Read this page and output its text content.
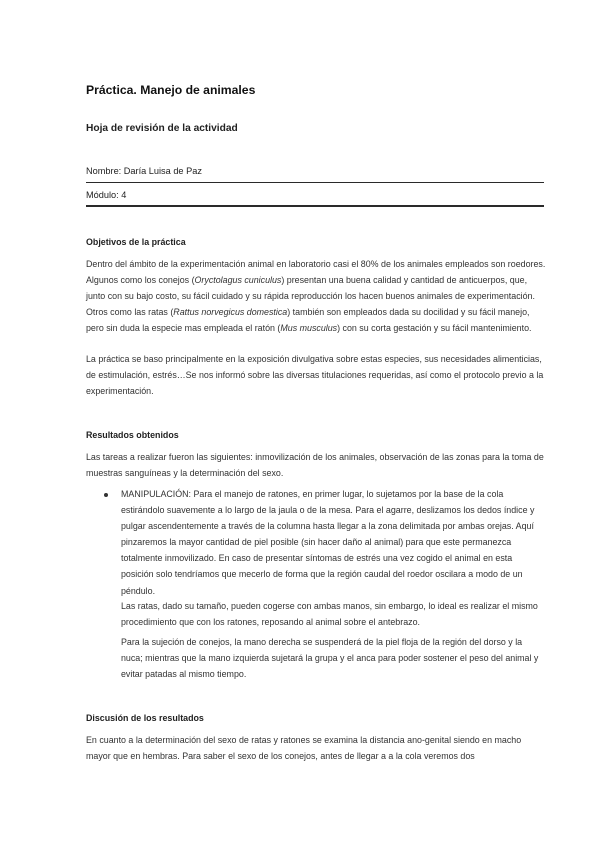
Práctica. Manejo de animales
Hoja de revisión de la actividad
Nombre: Daría Luisa de Paz
Módulo: 4
Objetivos de la práctica
Dentro del ámbito de la experimentación animal en laboratorio casi el 80% de los animales empleados son roedores. Algunos como los conejos (Oryctolagus cuniculus) presentan una buena calidad y cantidad de anticuerpos, que, junto con su bajo costo, su fácil cuidado y su rápida reproducción los hacen buenos animales de experimentación. Otros como las ratas (Rattus norvegicus domestica) también son empleados dada su docilidad y su fácil manejo, pero sin duda la especie mas empleada el ratón (Mus musculus) con su corta gestación y su fácil mantenimiento.
La práctica se baso principalmente en la exposición divulgativa sobre estas especies, sus necesidades alimenticias, de estimulación, estrés…Se nos informó sobre las diversas titulaciones requeridas, así como el protocolo previo a la experimentación.
Resultados obtenidos
Las tareas a realizar fueron las siguientes: inmovilización de los animales, observación de las zonas para la toma de muestras sanguíneas y la determinación del sexo.
MANIPULACIÓN: Para el manejo de ratones, en primer lugar, lo sujetamos por la base de la cola estirándolo suavemente a lo largo de la jaula o de la mesa. Para el agarre, deslizamos los dedos índice y pulgar ascendentemente a través de la columna hasta llegar a la zona delimitada por ambas orejas. Aquí pinzaremos la mayor cantidad de piel posible (sin hacer daño al animal) para que este permanezca totalmente inmovilizado. En caso de presentar síntomas de estrés una vez cogido el animal en esta posición solo tendríamos que mecerlo de forma que la región caudal del roedor oscilara a modo de un péndulo.
Las ratas, dado su tamaño, pueden cogerse con ambas manos, sin embargo, lo ideal es realizar el mismo procedimiento que con los ratones, reposando al animal sobre el antebrazo.
Para la sujeción de conejos, la mano derecha se suspenderá de la piel floja de la región del dorso y la nuca; mientras que la mano izquierda sujetará la grupa y el anca para poder sostener el peso del animal y evitar patadas al mismo tiempo.
Discusión de los resultados
En cuanto a la determinación del sexo de ratas y ratones se examina la distancia ano-genital siendo en macho mayor que en hembras. Para saber el sexo de los conejos, antes de llegar a a la cola veremos dos
